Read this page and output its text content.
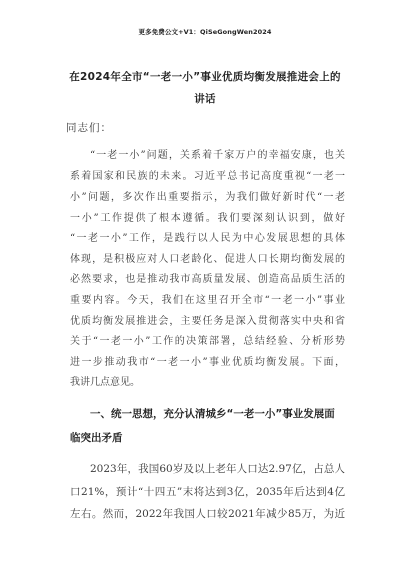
更多免费公文+V1：QiSeGongWen2024
在2024年全市“一老一小”事业优质均衡发展推进会上的
讲话
同志们：
“一老一小”问题，关系着千家万户的幸福安康，也关
系着国家和民族的未来。习近平总书记高度重视“一老一
小”问题，多次作出重要指示，为我们做好新时代“一老
一小”工作提供了根本遵循。我们要深刻认识到，做好
“一老一小”工作，是践行以人民为中心发展思想的具体
体现，是积极应对人口老龄化、促进人口长期均衡发展的
必然要求，也是推动我市高质量发展、创造高品质生活的
重要内容。今天，我们在这里召开全市“一老一小”事业
优质均衡发展推进会，主要任务是深入贯彻落实中央和省
关于“一老一小”工作的决策部署，总结经验、分析形势
进一步推动我市“一老一小”事业优质均衡发展。下面，
我讲几点意见。
一、统一思想，充分认清城乡“一老一小”事业发展面
临突出矛盾
2023年，我国60岁及以上老年人口达2.97亿，占总人
口21%，预计“十四五”末将达到3亿，2035年后达到4亿
左右。然而，2022年我国人口较2021年减少85万，为近
